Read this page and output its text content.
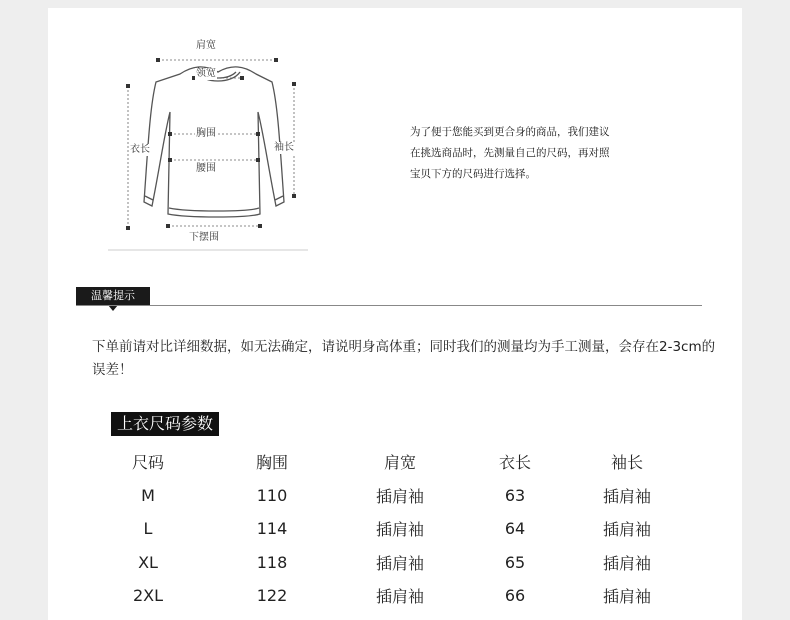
肩宽
领宽
胸围
腰围
衣长	袖长
下摆围
为了便于您能买到更合身的商品，我们建议
在挑选商品时，先测量自己的尺码，再对照
宝贝下方的尺码进行选择。
温馨提示
下单前请对比详细数据，如无法确定，请说明身高体重；同时我们的测量均为手工测量，会存在2-3cm的误差！
上衣尺码参数
尺码	胸围	肩宽	衣长	袖长
M	110	插肩袖	63	插肩袖
L	114	插肩袖	64	插肩袖
XL	118	插肩袖	65	插肩袖
2XL	122	插肩袖	66	插肩袖
